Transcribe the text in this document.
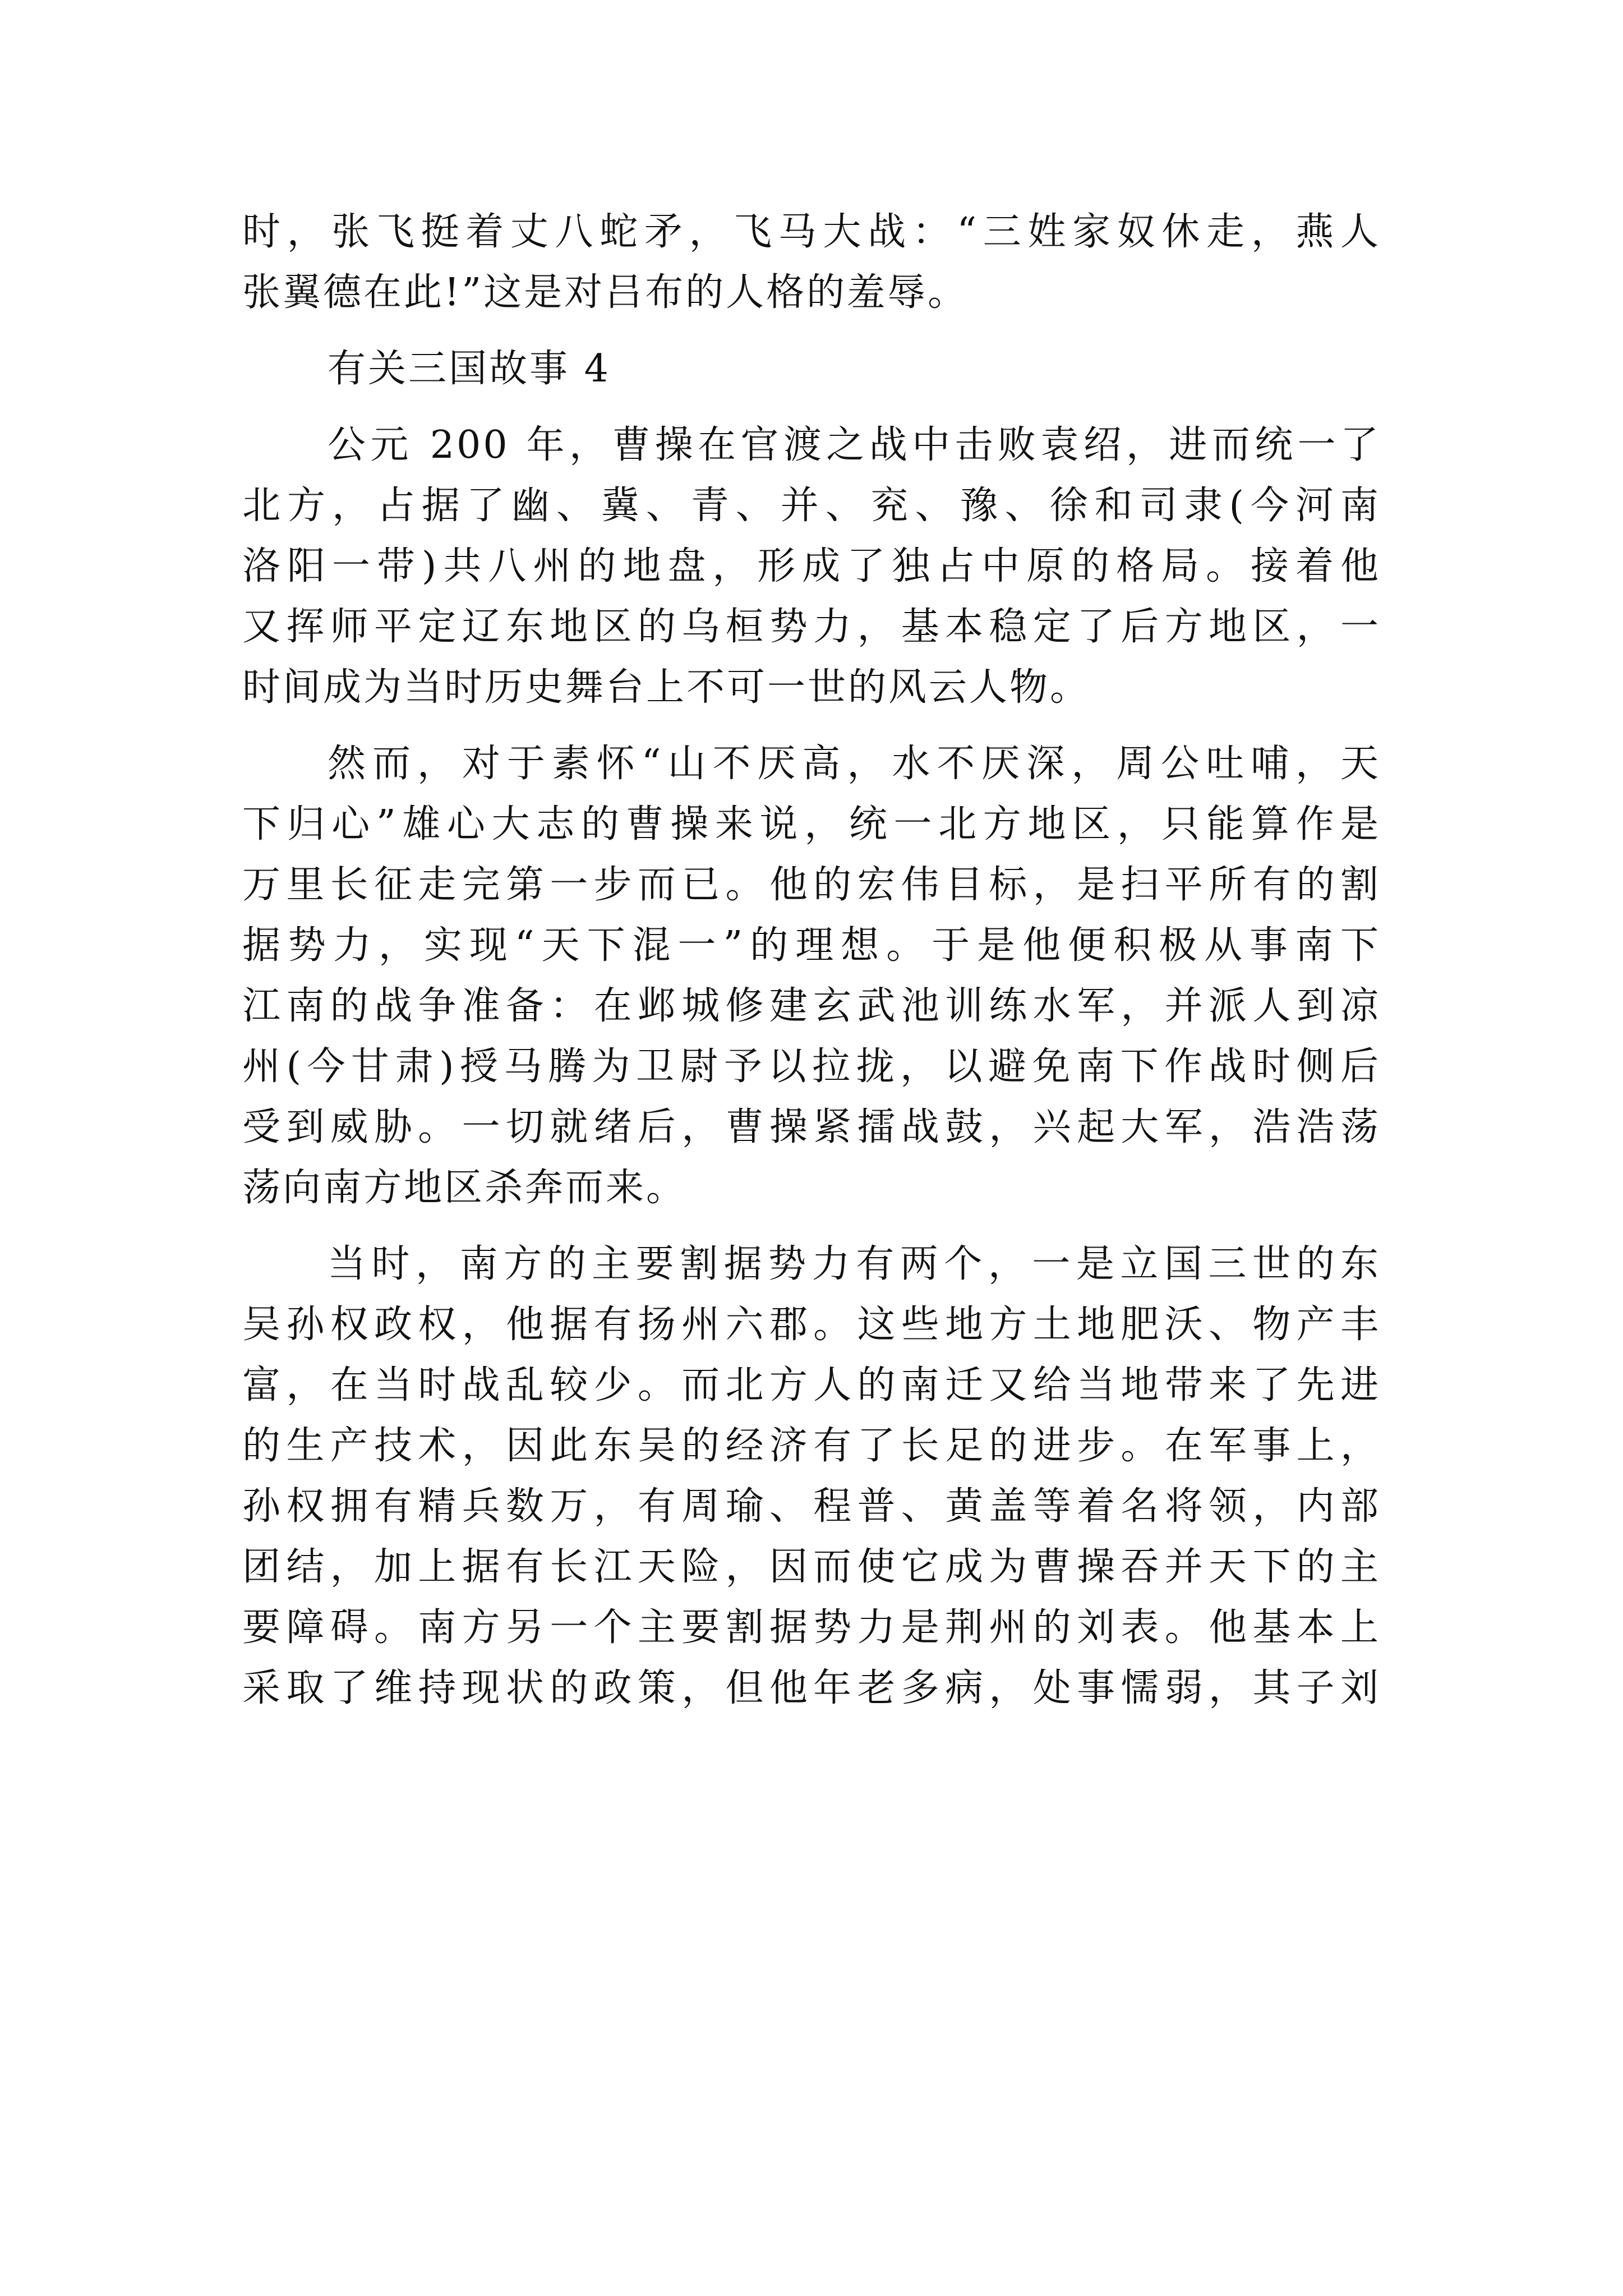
时，张飞挺着丈八蛇矛，飞马大战：“三姓家奴休走，燕人
张翼德在此!”这是对吕布的人格的羞辱。
有关三国故事 4
公元 200 年，曹操在官渡之战中击败袁绍，进而统一了
北方，占据了幽、冀、青、并、兖、豫、徐和司隶(今河南
洛阳一带)共八州的地盘，形成了独占中原的格局。接着他
又挥师平定辽东地区的乌桓势力，基本稳定了后方地区，一
时间成为当时历史舞台上不可一世的风云人物。
然而，对于素怀“山不厌高，水不厌深，周公吐哺，天
下归心”雄心大志的曹操来说，统一北方地区，只能算作是
万里长征走完第一步而已。他的宏伟目标，是扫平所有的割
据势力，实现“天下混一”的理想。于是他便积极从事南下
江南的战争准备：在邺城修建玄武池训练水军，并派人到凉
州(今甘肃)授马腾为卫尉予以拉拢，以避免南下作战时侧后
受到威胁。一切就绪后，曹操紧擂战鼓，兴起大军，浩浩荡
荡向南方地区杀奔而来。
当时，南方的主要割据势力有两个，一是立国三世的东
吴孙权政权，他据有扬州六郡。这些地方土地肥沃、物产丰
富，在当时战乱较少。而北方人的南迁又给当地带来了先进
的生产技术，因此东吴的经济有了长足的进步。在军事上，
孙权拥有精兵数万，有周瑜、程普、黄盖等着名将领，内部
团结，加上据有长江天险，因而使它成为曹操吞并天下的主
要障碍。南方另一个主要割据势力是荆州的刘表。他基本上
采取了维持现状的政策，但他年老多病，处事懦弱，其子刘
